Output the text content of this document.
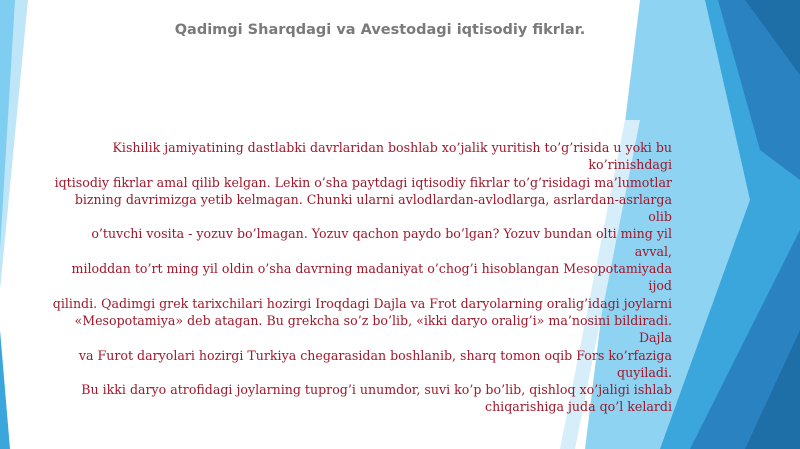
Qadimgi Sharqdagi va Avestodagi iqtisodiy fikrlar.
Kishilik jamiyatining dastlabki davrlaridan boshlab xo’jalik yuritish to’g’risida u yoki bu ko’rinishdagi
iqtisodiy fikrlar amal qilib kelgan. Lekin o’sha paytdagi iqtisodiy fikrlar to’g’risidagi ma’lumotlar
bizning davrimizga yetib kelmagan. Chunki ularni avlodlardan-avlodlarga, asrlardan-asrlarga olib
o’tuvchi vosita - yozuv bo’lmagan. Yozuv qachon paydo bo’lgan? Yozuv bundan olti ming yil avval,
miloddan to’rt ming yil oldin o’sha davrning madaniyat o’chog’i hisoblangan Mesopotamiyada ijod
qilindi. Qadimgi grek tarixchilari hozirgi Iroqdagi Dajla va Frot daryolarning oralig’idagi joylarni
«Mesopotamiya» deb atagan. Bu grekcha so’z bo’lib, «ikki daryo oralig’i» ma’nosini bildiradi. Dajla
va Furot daryolari hozirgi Turkiya chegarasidan boshlanib, sharq tomon oqib Fors ko’rfaziga quyiladi.
Bu ikki daryo atrofidagi joylarning tuprog’i unumdor, suvi ko’p bo’lib, qishloq xo’jaligi ishlab
chiqarishiga juda qo’l kelardi
